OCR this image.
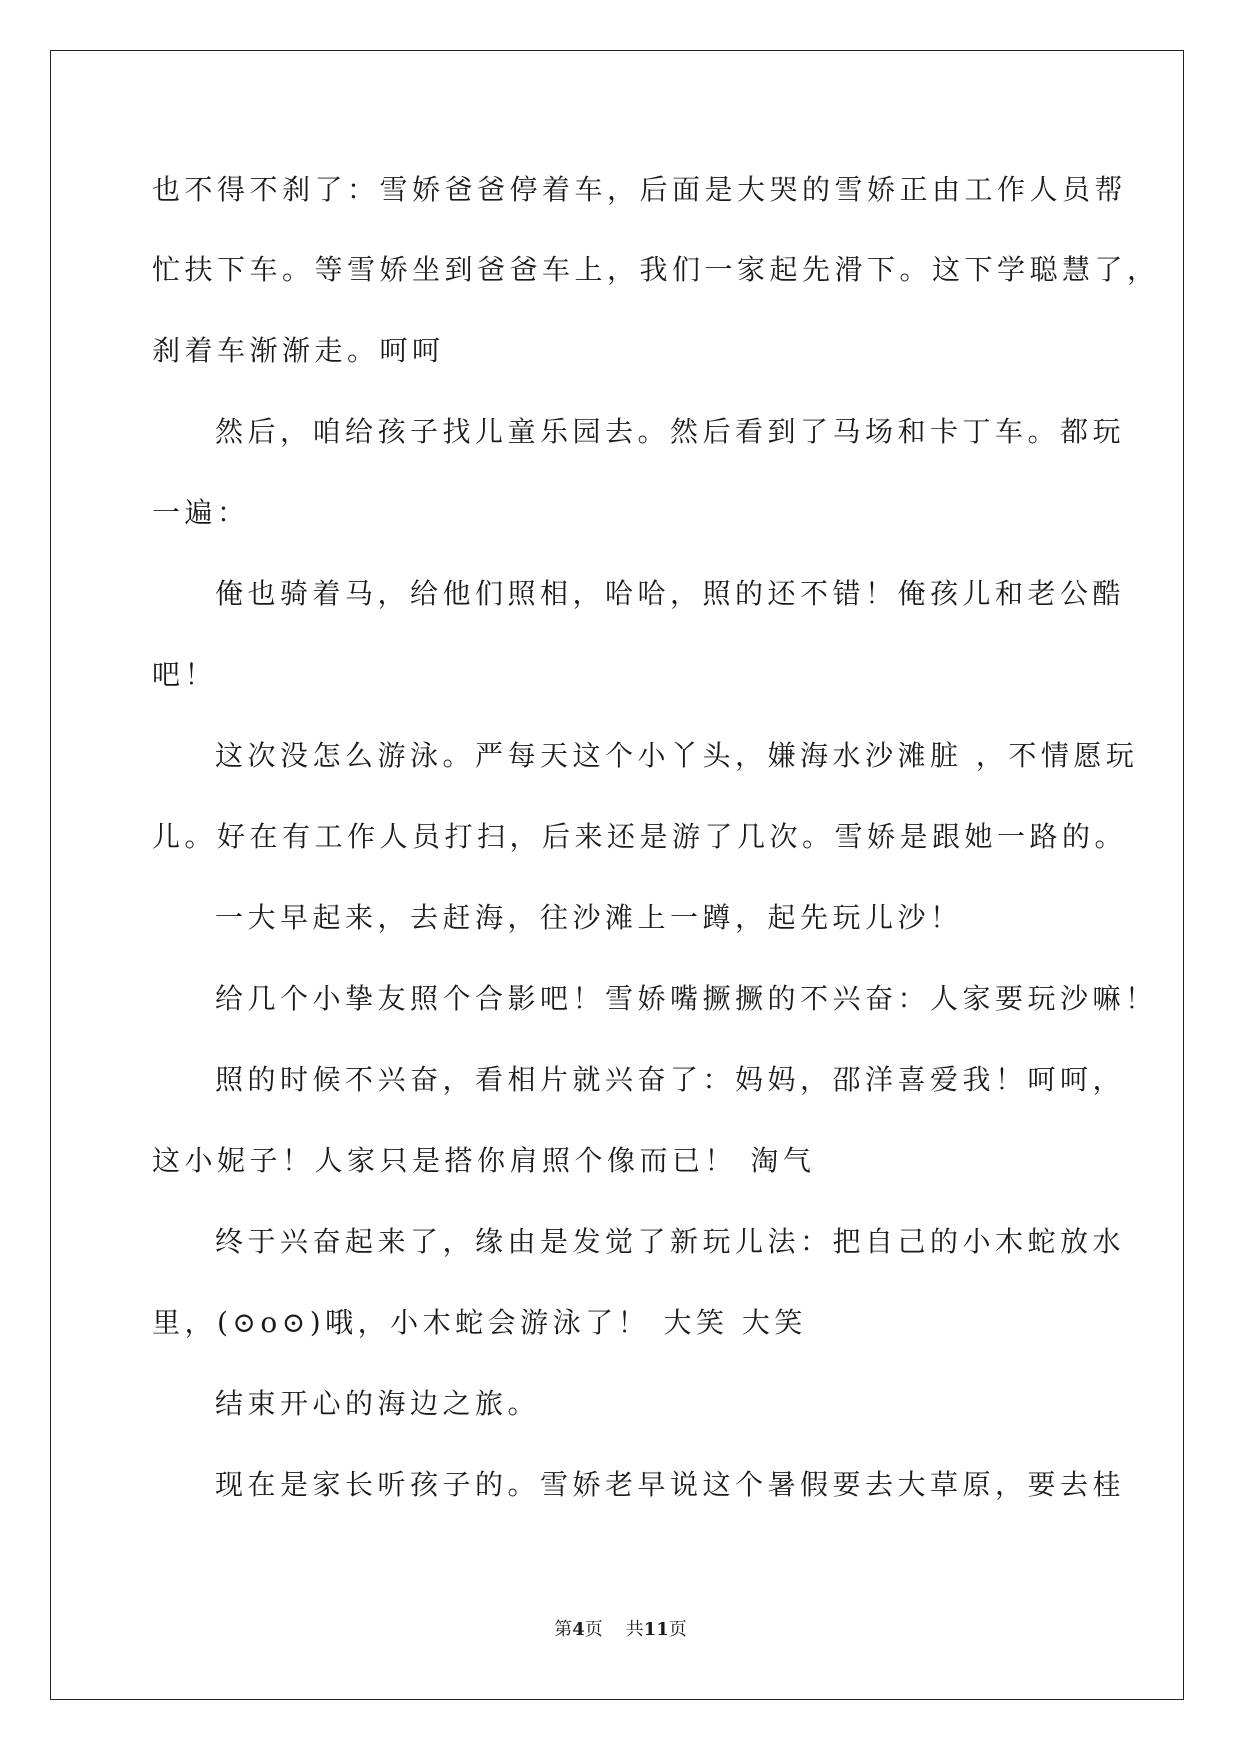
也不得不刹了：雪娇爸爸停着车，后面是大哭的雪娇正由工作人员帮
忙扶下车。等雪娇坐到爸爸车上，我们一家起先滑下。这下学聪慧了，
刹着车渐渐走。呵呵
然后，咱给孩子找儿童乐园去。然后看到了马场和卡丁车。都玩
一遍：
俺也骑着马，给他们照相，哈哈，照的还不错！俺孩儿和老公酷
吧！
这次没怎么游泳。严每天这个小丫头，嫌海水沙滩脏 ，不情愿玩
儿。好在有工作人员打扫，后来还是游了几次。雪娇是跟她一路的。
一大早起来，去赶海，往沙滩上一蹲，起先玩儿沙！
给几个小挚友照个合影吧！雪娇嘴撅撅的不兴奋：人家要玩沙嘛！
照的时候不兴奋，看相片就兴奋了：妈妈，邵洋喜爱我！呵呵，
这小妮子！人家只是搭你肩照个像而已！ 淘气
终于兴奋起来了，缘由是发觉了新玩儿法：把自己的小木蛇放水
里，(⊙o⊙)哦，小木蛇会游泳了！ 大笑 大笑
结束开心的海边之旅。
现在是家长听孩子的。雪娇老早说这个暑假要去大草原，要去桂
第4页 共11页
